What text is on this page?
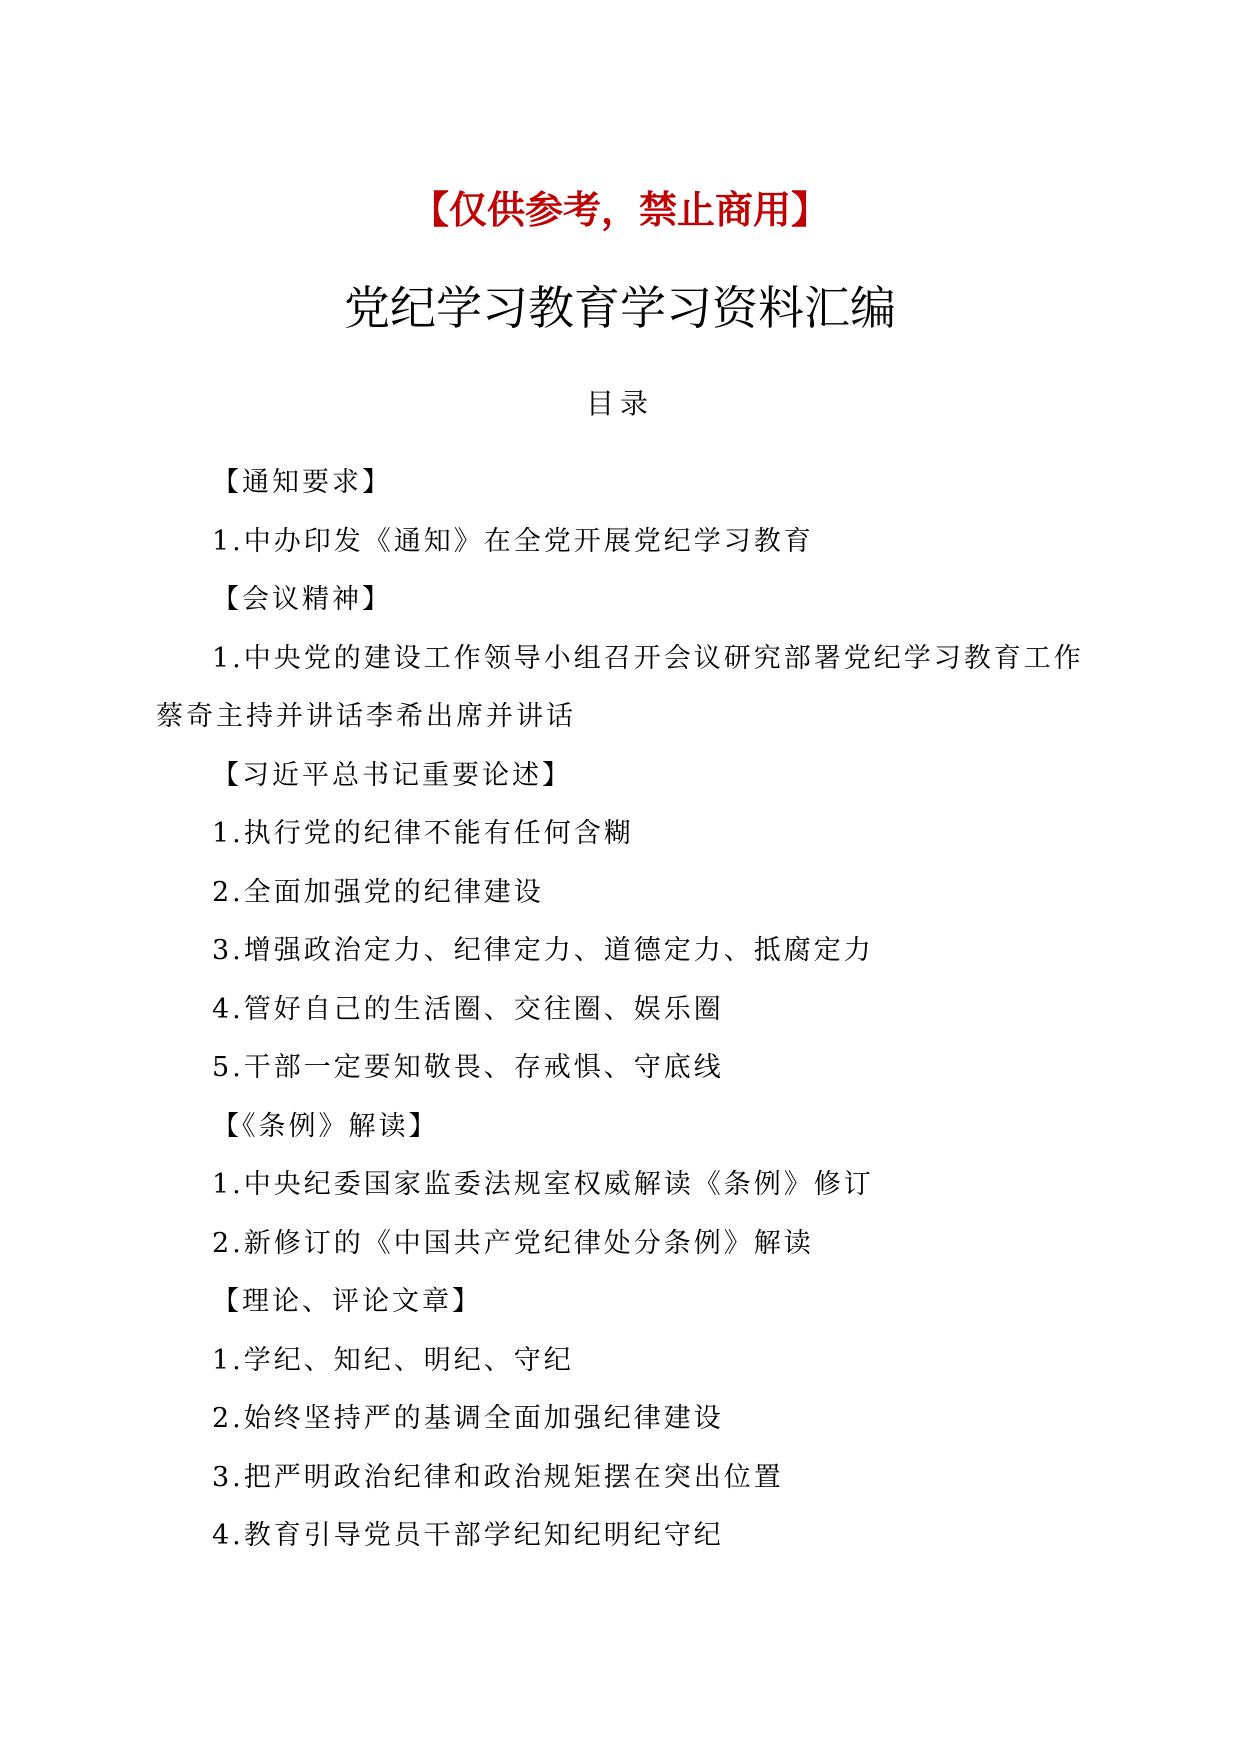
【仅供参考，禁止商用】
党纪学习教育学习资料汇编
目录

【通知要求】

1.中办印发《通知》在全党开展党纪学习教育

【会议精神】

1.中央党的建设工作领导小组召开会议研究部署党纪学习教育工作蔡奇主持并讲话李希出席并讲话

【习近平总书记重要论述】

1.执行党的纪律不能有任何含糊

2.全面加强党的纪律建设

3.增强政治定力、纪律定力、道德定力、抵腐定力

4.管好自己的生活圈、交往圈、娱乐圈

5.干部一定要知敬畏、存戒惧、守底线

【《条例》解读】

1.中央纪委国家监委法规室权威解读《条例》修订

2.新修订的《中国共产党纪律处分条例》解读

【理论、评论文章】

1.学纪、知纪、明纪、守纪

2.始终坚持严的基调全面加强纪律建设

3.把严明政治纪律和政治规矩摆在突出位置

4.教育引导党员干部学纪知纪明纪守纪
